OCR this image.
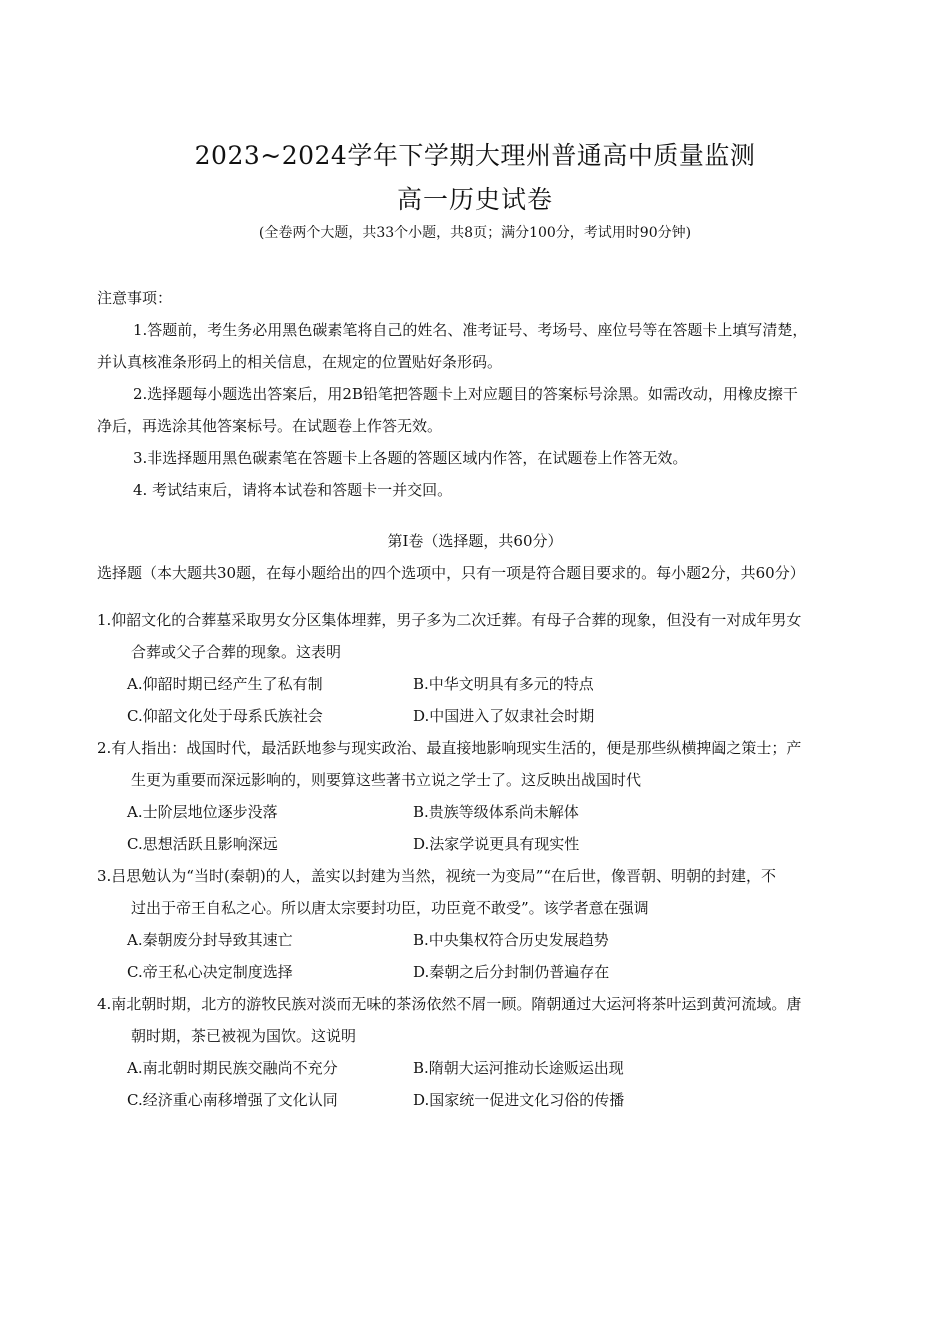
2023~2024学年下学期大理州普通高中质量监测
高一历史试卷
(全卷两个大题，共33个小题，共8页；满分100分，考试用时90分钟)
注意事项：
1.答题前，考生务必用黑色碳素笔将自己的姓名、准考证号、考场号、座位号等在答题卡上填写清楚，
并认真核准条形码上的相关信息，在规定的位置贴好条形码。
2.选择题每小题选出答案后，用2B铅笔把答题卡上对应题目的答案标号涂黑。如需改动，用橡皮擦干
净后，再选涂其他答案标号。在试题卷上作答无效。
3.非选择题用黑色碳素笔在答题卡上各题的答题区域内作答，在试题卷上作答无效。
4. 考试结束后，请将本试卷和答题卡一并交回。
第Ⅰ卷（选择题，共60分）
选择题（本大题共30题，在每小题给出的四个选项中，只有一项是符合题目要求的。每小题2分，共60分）
1.仰韶文化的合葬墓采取男女分区集体埋葬，男子多为二次迁葬。有母子合葬的现象，但没有一对成年男女
合葬或父子合葬的现象。这表明
A.仰韶时期已经产生了私有制	B.中华文明具有多元的特点
C.仰韶文化处于母系氏族社会	D.中国进入了奴隶社会时期
2.有人指出：战国时代，最活跃地参与现实政治、最直接地影响现实生活的，便是那些纵横捭阖之策士；产
生更为重要而深远影响的，则要算这些著书立说之学士了。这反映出战国时代
A.士阶层地位逐步没落	B.贵族等级体系尚未解体
C.思想活跃且影响深远	D.法家学说更具有现实性
3.吕思勉认为“当时(秦朝)的人，盖实以封建为当然，视统一为变局”“在后世，像晋朝、明朝的封建，不
过出于帝王自私之心。所以唐太宗要封功臣，功臣竟不敢受”。该学者意在强调
A.秦朝废分封导致其速亡	B.中央集权符合历史发展趋势
C.帝王私心决定制度选择	D.秦朝之后分封制仍普遍存在
4.南北朝时期，北方的游牧民族对淡而无味的茶汤依然不屑一顾。隋朝通过大运河将茶叶运到黄河流域。唐
朝时期，茶已被视为国饮。这说明
A.南北朝时期民族交融尚不充分	B.隋朝大运河推动长途贩运出现
C.经济重心南移增强了文化认同	D.国家统一促进文化习俗的传播
